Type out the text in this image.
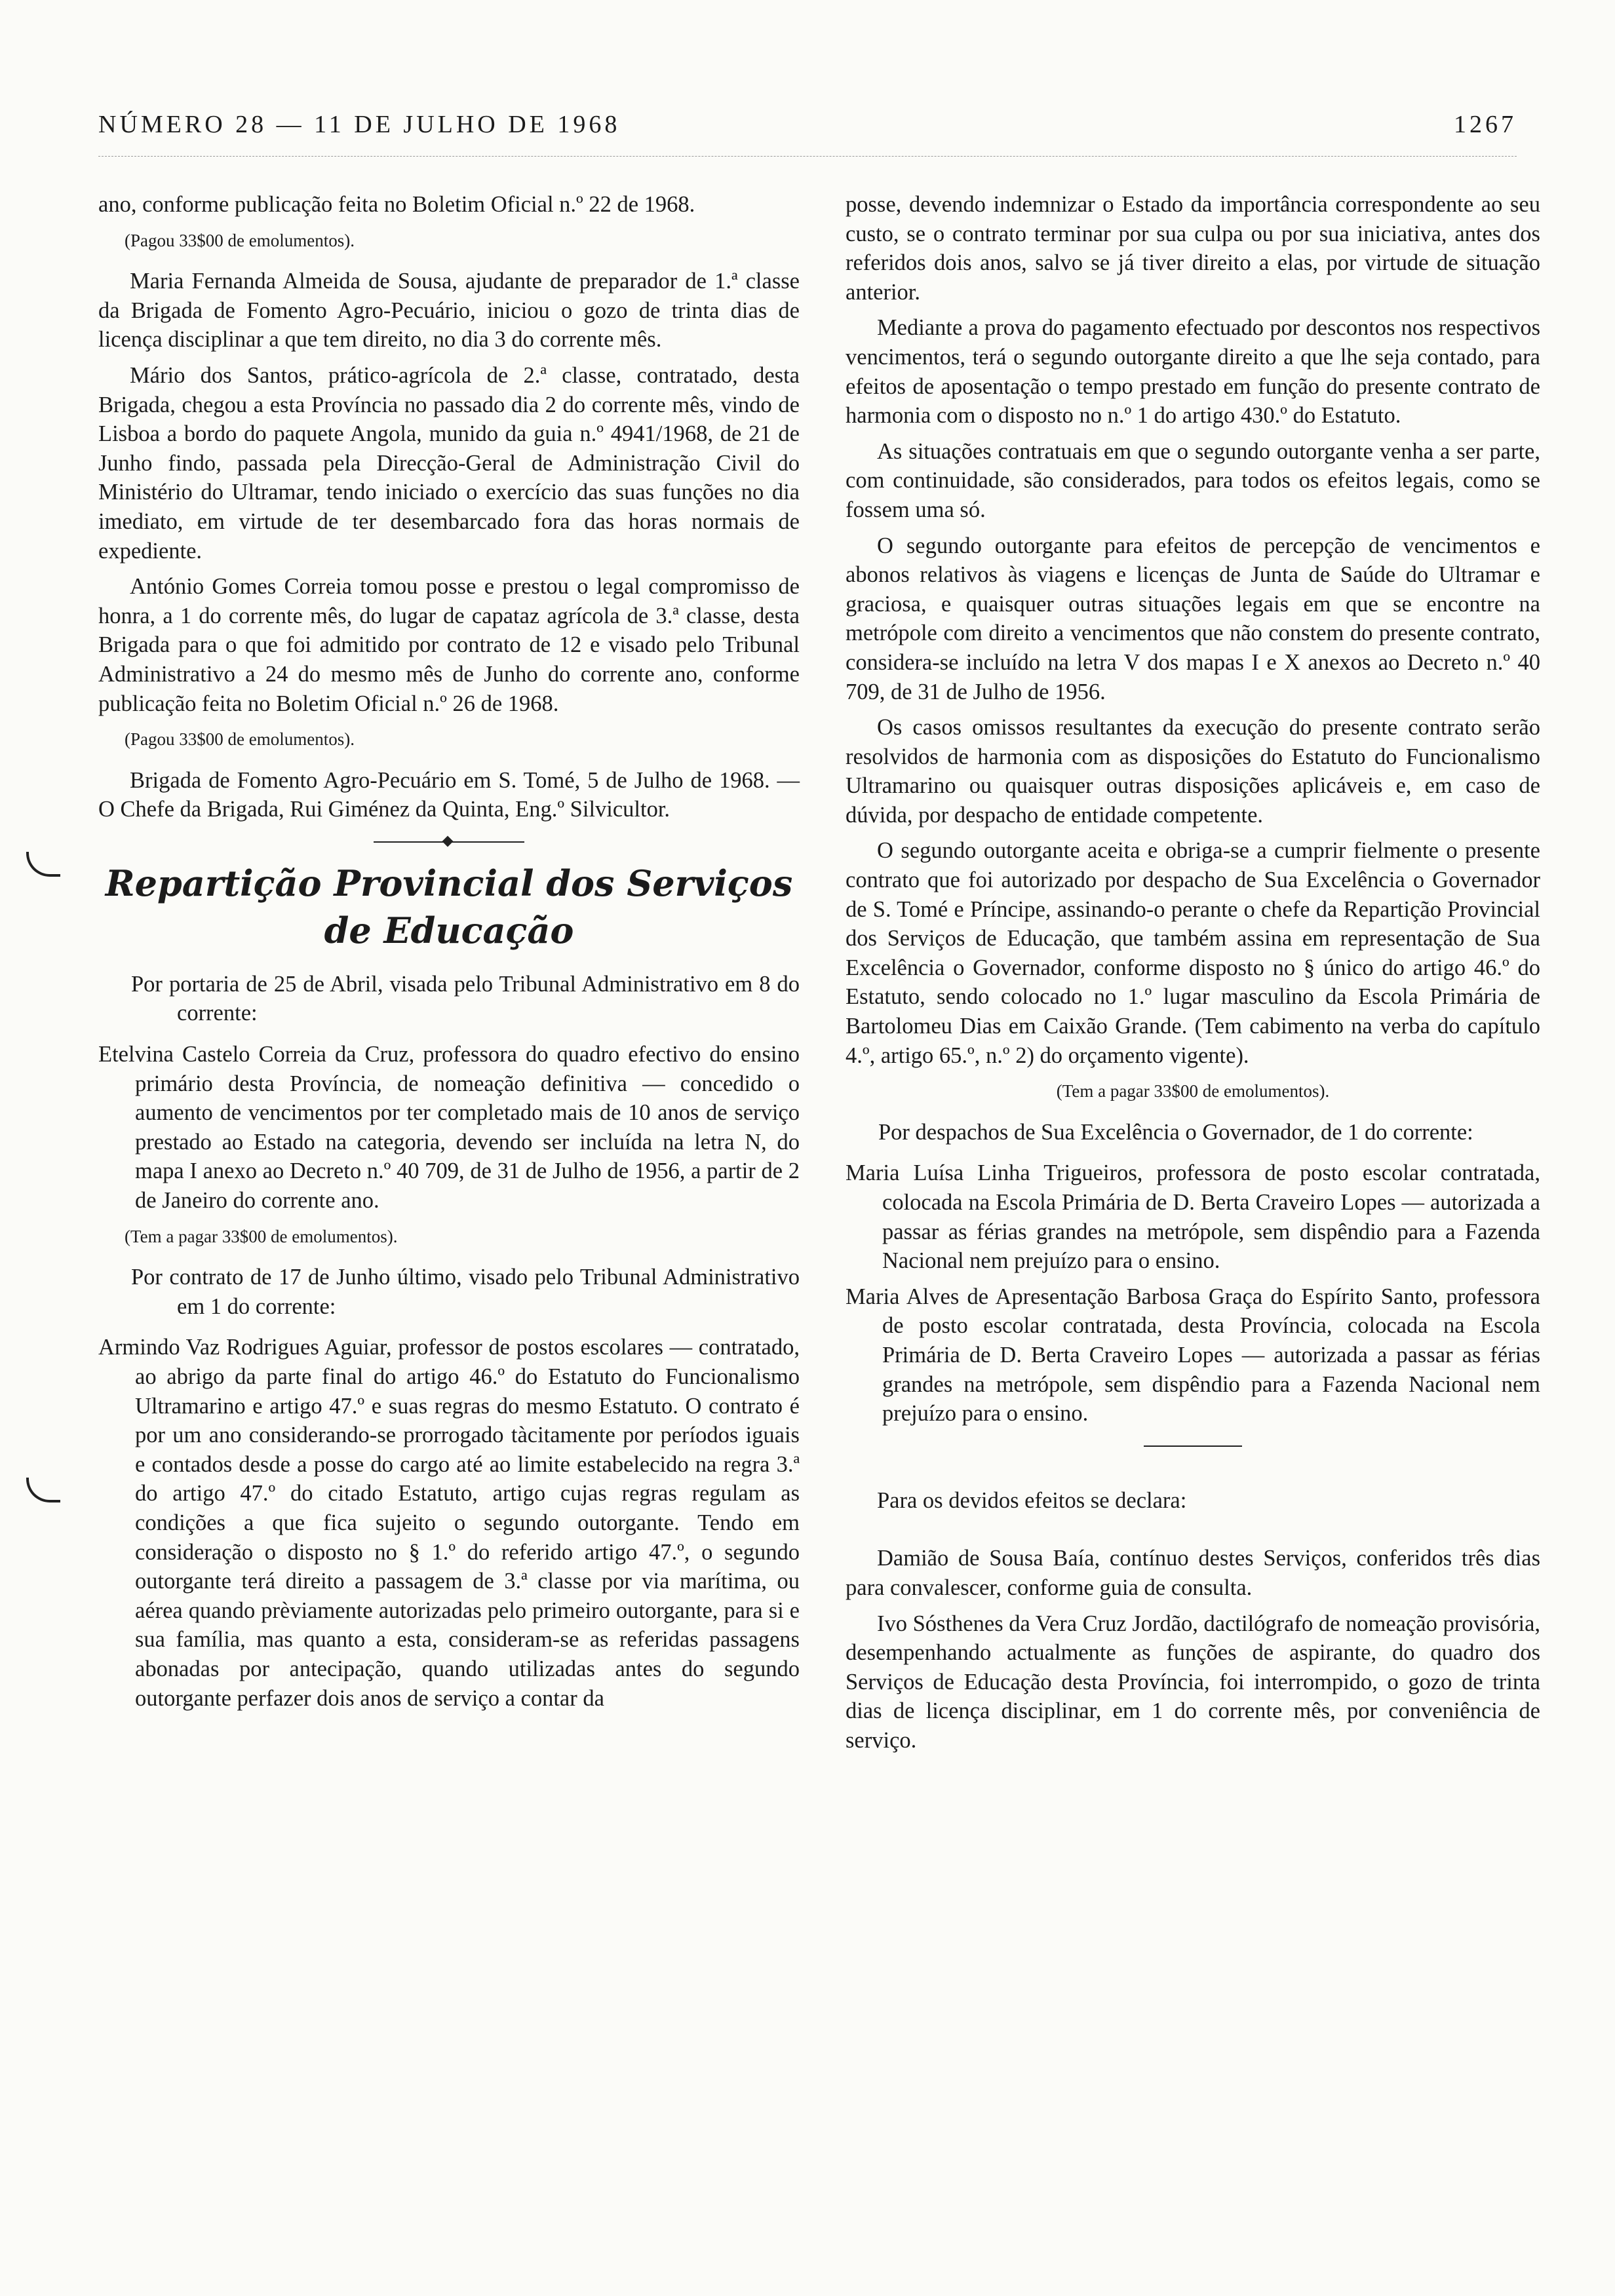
NÚMERO 28 — 11 DE JULHO DE 1968	1267

ano, conforme publicação feita no Boletim Oficial n.º 22 de 1968.

(Pagou 33$00 de emolumentos).

Maria Fernanda Almeida de Sousa, ajudante de preparador de 1.ª classe da Brigada de Fomento Agro-Pecuário, iniciou o gozo de trinta dias de licença disciplinar a que tem direito, no dia 3 do corrente mês.

Mário dos Santos, prático-agrícola de 2.ª classe, contratado, desta Brigada, chegou a esta Província no passado dia 2 do corrente mês, vindo de Lisboa a bordo do paquete Angola, munido da guia n.º 4941/1968, de 21 de Junho findo, passada pela Direcção-Geral de Administração Civil do Ministério do Ultramar, tendo iniciado o exercício das suas funções no dia imediato, em virtude de ter desembarcado fora das horas normais de expediente.

António Gomes Correia tomou posse e prestou o legal compromisso de honra, a 1 do corrente mês, do lugar de capataz agrícola de 3.ª classe, desta Brigada para o que foi admitido por contrato de 12 e visado pelo Tribunal Administrativo a 24 do mesmo mês de Junho do corrente ano, conforme publicação feita no Boletim Oficial n.º 26 de 1968.

(Pagou 33$00 de emolumentos).

Brigada de Fomento Agro-Pecuário em S. Tomé, 5 de Julho de 1968. — O Chefe da Brigada, Rui Giménez da Quinta, Eng.º Silvicultor.

Repartição Provincial dos Serviços
de Educação
Por portaria de 25 de Abril, visada pelo Tribunal Administrativo em 8 do corrente:
Etelvina Castelo Correia da Cruz, professora do quadro efectivo do ensino primário desta Província, de nomeação definitiva — concedido o aumento de vencimentos por ter completado mais de 10 anos de serviço prestado ao Estado na categoria, devendo ser incluída na letra N, do mapa I anexo ao Decreto n.º 40 709, de 31 de Julho de 1956, a partir de 2 de Janeiro do corrente ano.
(Tem a pagar 33$00 de emolumentos).
Por contrato de 17 de Junho último, visado pelo Tribunal Administrativo em 1 do corrente:
Armindo Vaz Rodrigues Aguiar, professor de postos escolares — contratado, ao abrigo da parte final do artigo 46.º do Estatuto do Funcionalismo Ultramarino e artigo 47.º e suas regras do mesmo Estatuto. O contrato é por um ano considerando-se prorrogado tàcitamente por períodos iguais e contados desde a posse do cargo até ao limite estabelecido na regra 3.ª do artigo 47.º do citado Estatuto, artigo cujas regras regulam as condições a que fica sujeito o segundo outorgante. Tendo em consideração o disposto no § 1.º do referido artigo 47.º, o segundo outorgante terá direito a passagem de 3.ª classe por via marítima, ou aérea quando prèviamente autorizadas pelo primeiro outorgante, para si e sua família, mas quanto a esta, consideram-se as referidas passagens abonadas por antecipação, quando utilizadas antes do segundo outorgante perfazer dois anos de serviço a contar da

posse, devendo indemnizar o Estado da importância correspondente ao seu custo, se o contrato terminar por sua culpa ou por sua iniciativa, antes dos referidos dois anos, salvo se já tiver direito a elas, por virtude de situação anterior.

Mediante a prova do pagamento efectuado por descontos nos respectivos vencimentos, terá o segundo outorgante direito a que lhe seja contado, para efeitos de aposentação o tempo prestado em função do presente contrato de harmonia com o disposto no n.º 1 do artigo 430.º do Estatuto.

As situações contratuais em que o segundo outorgante venha a ser parte, com continuidade, são considerados, para todos os efeitos legais, como se fossem uma só.

O segundo outorgante para efeitos de percepção de vencimentos e abonos relativos às viagens e licenças de Junta de Saúde do Ultramar e graciosa, e quaisquer outras situações legais em que se encontre na metrópole com direito a vencimentos que não constem do presente contrato, considera-se incluído na letra V dos mapas I e X anexos ao Decreto n.º 40 709, de 31 de Julho de 1956.

Os casos omissos resultantes da execução do presente contrato serão resolvidos de harmonia com as disposições do Estatuto do Funcionalismo Ultramarino ou quaisquer outras disposições aplicáveis e, em caso de dúvida, por despacho de entidade competente.

O segundo outorgante aceita e obriga-se a cumprir fielmente o presente contrato que foi autorizado por despacho de Sua Excelência o Governador de S. Tomé e Príncipe, assinando-o perante o chefe da Repartição Provincial dos Serviços de Educação, que também assina em representação de Sua Excelência o Governador, conforme disposto no § único do artigo 46.º do Estatuto, sendo colocado no 1.º lugar masculino da Escola Primária de Bartolomeu Dias em Caixão Grande. (Tem cabimento na verba do capítulo 4.º, artigo 65.º, n.º 2) do orçamento vigente).

(Tem a pagar 33$00 de emolumentos).
Por despachos de Sua Excelência o Governador, de 1 do corrente:
Maria Luísa Linha Trigueiros, professora de posto escolar contratada, colocada na Escola Primária de D. Berta Craveiro Lopes — autorizada a passar as férias grandes na metrópole, sem dispêndio para a Fazenda Nacional nem prejuízo para o ensino.
Maria Alves de Apresentação Barbosa Graça do Espírito Santo, professora de posto escolar contratada, desta Província, colocada na Escola Primária de D. Berta Craveiro Lopes — autorizada a passar as férias grandes na metrópole, sem dispêndio para a Fazenda Nacional nem prejuízo para o ensino.

Para os devidos efeitos se declara:

Damião de Sousa Baía, contínuo destes Serviços, conferidos três dias para convalescer, conforme guia de consulta.

Ivo Sósthenes da Vera Cruz Jordão, dactilógrafo de nomeação provisória, desempenhando actualmente as funções de aspirante, do quadro dos Serviços de Educação desta Província, foi interrompido, o gozo de trinta dias de licença disciplinar, em 1 do corrente mês, por conveniência de serviço.
